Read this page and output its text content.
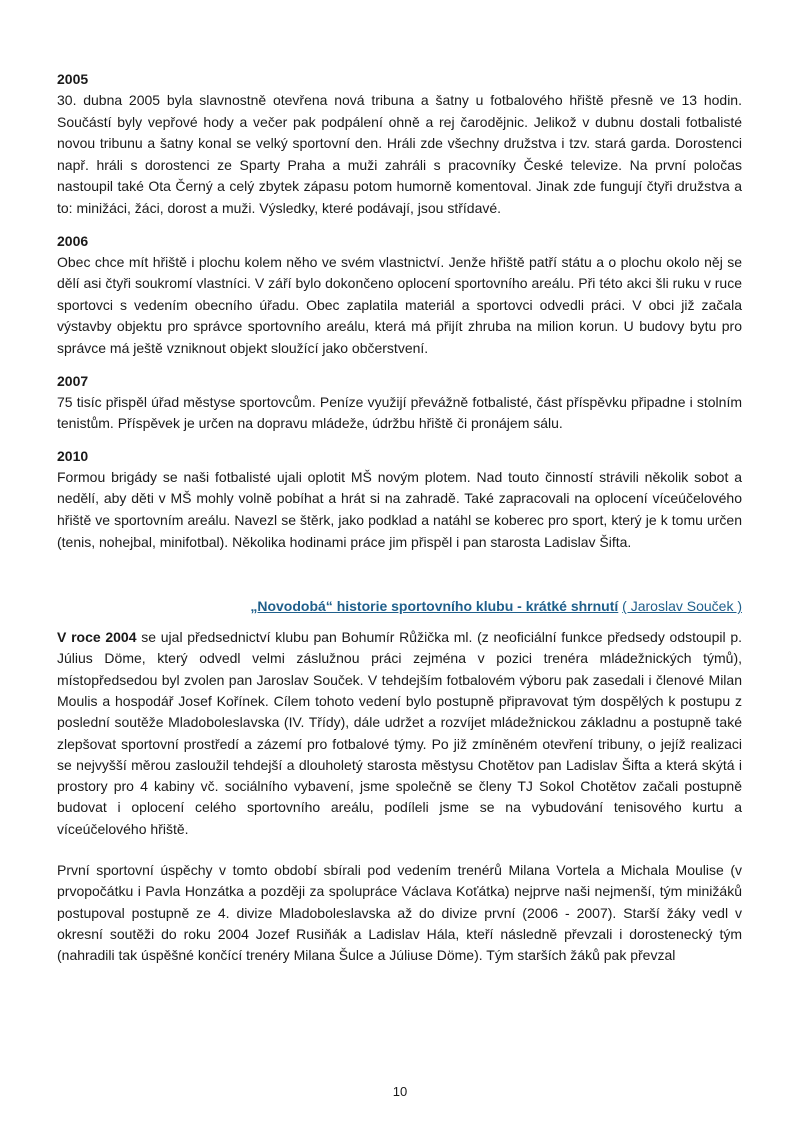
2005

30. dubna 2005 byla slavnostně otevřena nová tribuna a šatny u fotbalového hřiště přesně ve 13 hodin. Součástí byly vepřové hody a večer pak podpálení ohně a rej čarodějnic. Jelikož v dubnu dostali fotbalisté novou tribunu a šatny konal se velký sportovní den. Hráli zde všechny družstva i tzv. stará garda. Dorostenci např. hráli s dorostenci ze Sparty Praha a muži zahráli s pracovníky České televize. Na první poločas nastoupil také Ota Černý a celý zbytek zápasu potom humorně komentoval. Jinak zde fungují čtyři družstva a to: minižáci, žáci, dorost a muži. Výsledky, které podávají, jsou střídavé.

2006

Obec chce mít hřiště i plochu kolem něho ve svém vlastnictví. Jenže hřiště patří státu a o plochu okolo něj se dělí asi čtyři soukromí vlastníci. V září bylo dokončeno oplocení sportovního areálu. Při této akci šli ruku v ruce sportovci s vedením obecního úřadu. Obec zaplatila materiál a sportovci odvedli práci. V obci již začala výstavby objektu pro správce sportovního areálu, která má přijít zhruba na milion korun. U budovy bytu pro správce má ještě vzniknout objekt sloužící jako občerstvení.

2007

75 tisíc přispěl úřad městyse sportovcům. Peníze využijí převážně fotbalisté, část příspěvku připadne i stolním tenistům. Příspěvek je určen na dopravu mládeže, údržbu hřiště či pronájem sálu.

2010

Formou brigády se naši fotbalisté ujali oplotit MŠ novým plotem. Nad touto činností strávili několik sobot a nedělí, aby děti v MŠ mohly volně pobíhat a hrát si na zahradě. Také zapracovali na oplocení víceúčelového hřiště ve sportovním areálu. Navezl se štěrk, jako podklad a natáhl se koberec pro sport, který je k tomu určen (tenis, nohejbal, minifotbal). Několika hodinami práce jim přispěl i pan starosta Ladislav Šifta.

„Novodobá“ historie sportovního klubu - krátké shrnutí ( Jaroslav Souček )

V roce 2004 se ujal předsednictví klubu pan Bohumír Růžička ml. (z neoficiální funkce předsedy odstoupil p. Július Döme, který odvedl velmi záslužnou práci zejména v pozici trenéra mládežnických týmů), místopředsedou byl zvolen pan Jaroslav Souček. V tehdejším fotbalovém výboru pak zasedali i členové Milan Moulis a hospodář Josef Kořínek. Cílem tohoto vedení bylo postupně připravovat tým dospělých k postupu z poslední soutěže Mladoboleslavska (IV. Třídy), dále udržet a rozvíjet mládežnickou základnu a postupně také zlepšovat sportovní prostředí a zázemí pro fotbalové týmy. Po již zmíněném otevření tribuny, o jejíž realizaci se nejvyšší měrou zasloužil tehdejší a dlouholetý starosta městysu Chotětov pan Ladislav Šifta a která skýtá i prostory pro 4 kabiny vč. sociálního vybavení, jsme společně se členy TJ Sokol Chotětov začali postupně budovat i oplocení celého sportovního areálu, podíleli jsme se na vybudování tenisového kurtu a víceúčelového hřiště.

První sportovní úspěchy v tomto období sbírali pod vedením trenérů Milana Vortela a Michala Moulise (v prvopočátku i Pavla Honzátka a později za spolupráce Václava Koťátka) nejprve naši nejmenší, tým minižáků postupoval postupně ze 4. divize Mladoboleslavska až do divize první (2006 - 2007). Starší žáky vedl v okresní soutěži do roku 2004 Jozef Rusiňák a Ladislav Hála, kteří následně převzali i dorostenecký tým (nahradili tak úspěšné končící trenéry Milana Šulce a Júliuse Döme). Tým starších žáků pak převzal

10
